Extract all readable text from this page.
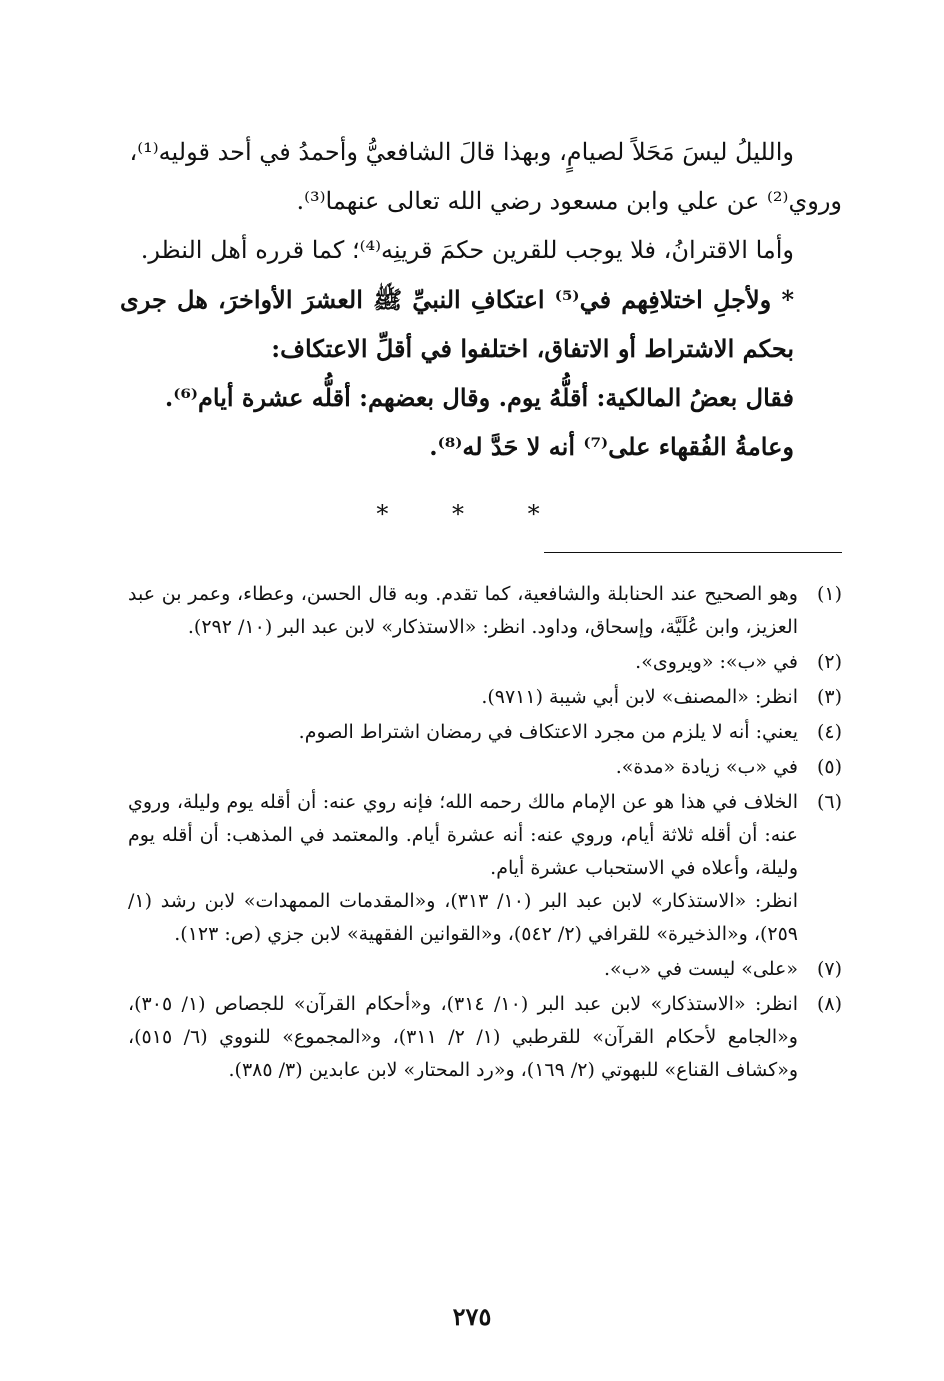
والليلُ ليسَ مَحَلاً لصيامٍ، وبهذا قالَ الشافعيُّ وأحمدُ في أحد قوليه⁽¹⁾،

وروي⁽²⁾ عن علي وابن مسعود رضي الله تعالى عنهما⁽³⁾.

وأما الاقترانُ، فلا يوجب للقرين حكمَ قرينِه⁽⁴⁾؛ كما قرره أهل النظر.

* ولأجلِ اختلافِهم في⁽⁵⁾ اعتكافِ النبيِّ ﷺ العشرَ الأواخرَ، هل جرى بحكم الاشتراط أو الاتفاق، اختلفوا في أقلِّ الاعتكاف:

فقال بعضُ المالكية: أقلُّهُ يوم. وقال بعضهم: أقلُّه عشرة أيام⁽⁶⁾.

وعامةُ الفُقهاء على⁽⁷⁾ أنه لا حَدَّ له⁽⁸⁾.

* * *
(١)

وهو الصحيح عند الحنابلة والشافعية، كما تقدم. وبه قال الحسن، وعطاء، وعمر بن عبد العزيز، وابن عُلَيَّة، وإسحاق، وداود. انظر: «الاستذكار» لابن عبد البر (١٠/ ٢٩٢).

(٢)

في «ب»: «ويروى».

(٣)

انظر: «المصنف» لابن أبي شيبة (٩٧١١).

(٤)

يعني: أنه لا يلزم من مجرد الاعتكاف في رمضان اشتراط الصوم.

(٥)

في «ب» زيادة «مدة».

(٦)

الخلاف في هذا هو عن الإمام مالك رحمه الله؛ فإنه روي عنه: أن أقله يوم وليلة، وروي عنه: أن أقله ثلاثة أيام، وروي عنه: أنه عشرة أيام. والمعتمد في المذهب: أن أقله يوم وليلة، وأعلاه في الاستحباب عشرة أيام.

انظر: «الاستذكار» لابن عبد البر (١٠/ ٣١٣)، و«المقدمات الممهدات» لابن رشد (١/ ٢٥٩)، و«الذخيرة» للقرافي (٢/ ٥٤٢)، و«القوانين الفقهية» لابن جزي (ص: ١٢٣).

(٧)

«على» ليست في «ب».

(٨)

انظر: «الاستذكار» لابن عبد البر (١٠/ ٣١٤)، و«أحكام القرآن» للجصاص (١/ ٣٠٥)، و«الجامع لأحكام القرآن» للقرطبي (١/ ٢/ ٣١١)، و«المجموع» للنووي (٦/ ٥١٥)، و«كشاف القناع» للبهوتي (٢/ ١٦٩)، و«رد المحتار» لابن عابدين (٣/ ٣٨٥).

٢٧٥
